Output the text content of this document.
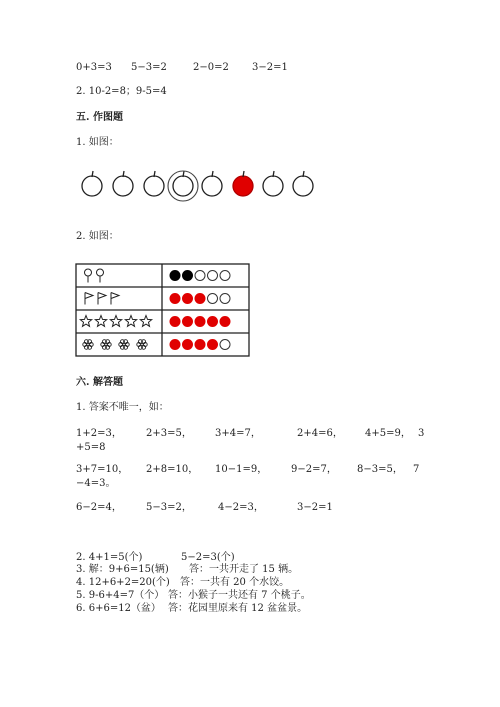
0+3=3 5−3=2	2−0=2 3−2=1
2. 10-2=8；9-5=4
五. 作图题
1. 如图：
2. 如图：
六. 解答题
1. 答案不唯一，如：
1+2=3， 2+3=5， 3+4=7，	2+4=6， 4+5=9， 3
+5=8
3+7=10， 2+8=10， 10−1=9， 9−2=7， 8−3=5， 7
−4=3。
6−2=4， 5−3=2，	4−2=3，	3−2=1
2. 4+1=5(个)	5−2=3(个)
3. 解：9+6=15(辆) 答：一共开走了 15 辆。
4. 12+6+2=20(个) 答：一共有 20 个水饺。
5. 9-6+4=7（个） 答：小猴子一共还有 7 个桃子。
6. 6+6=12（盆） 答：花园里原来有 12 盆盆景。
